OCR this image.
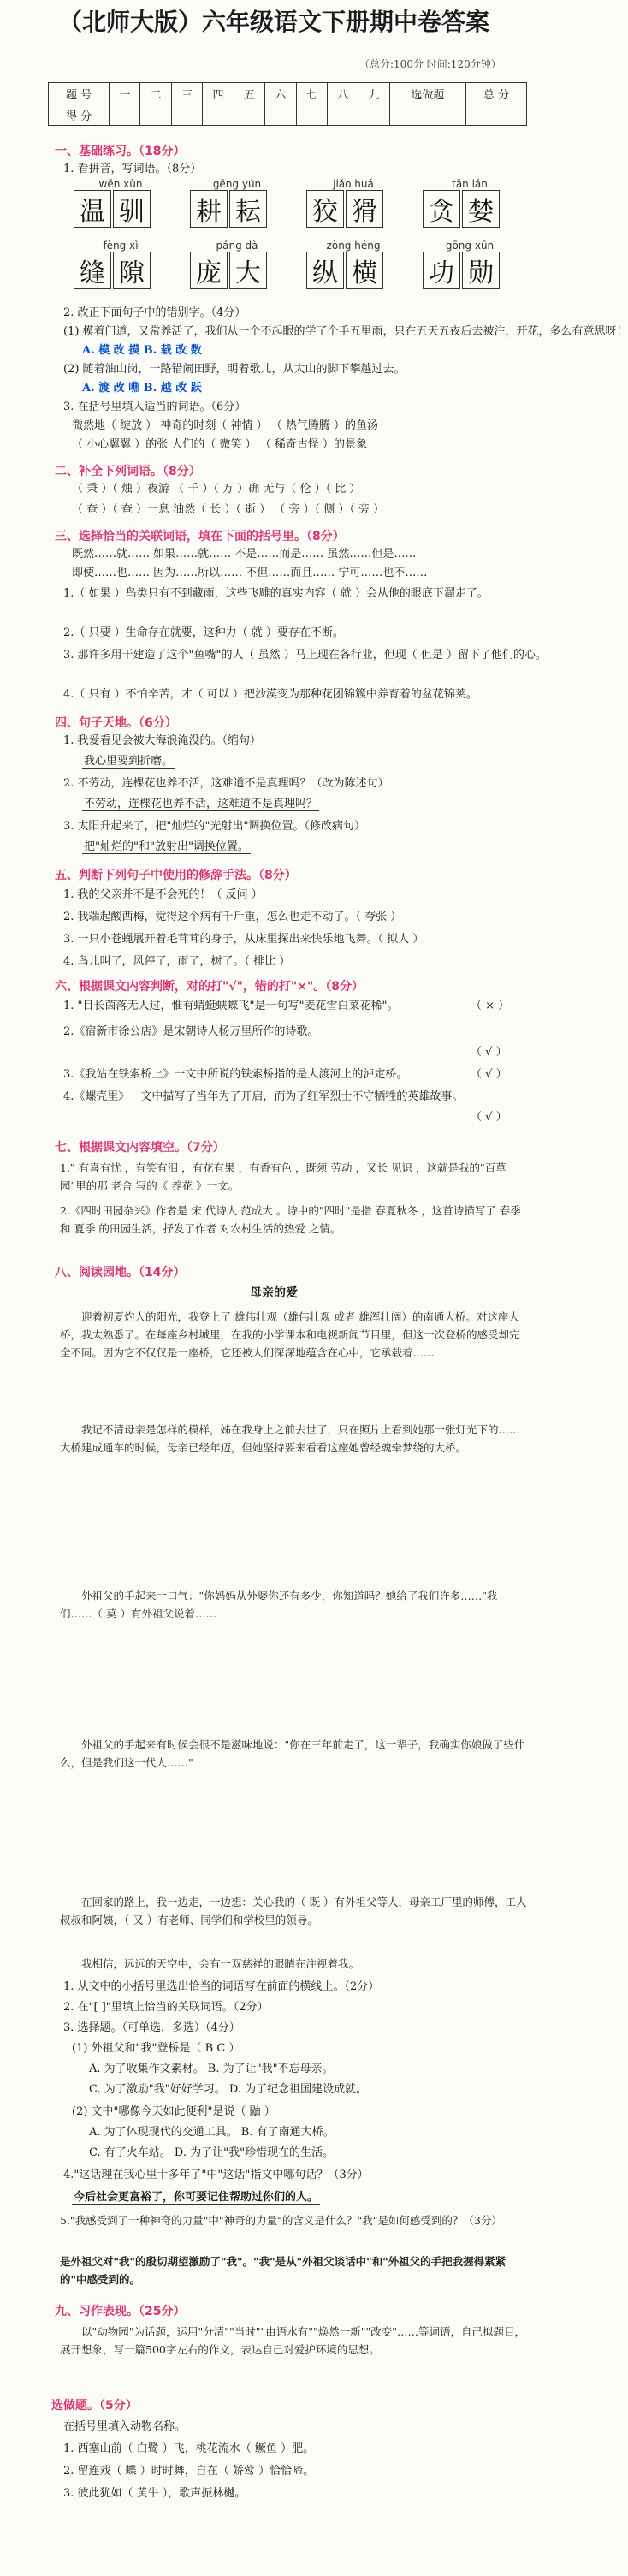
（北师大版）六年级语文下册期中卷答案
（总分:100分 时间:120分钟）
题 号	一	二	三	四	五	六	七	八	九	选做题	总 分
得 分											
一、基础练习。（18分）
1. 看拼音，写词语。（8分）
wēn xùn
温 驯
gēng yún
耕 耘
jiǎo huá
狡 猾
tān lán
贪 婪
fèng xì
缝 隙
páng dà
庞 大
zòng héng
纵 横
gōng xūn
功 勋
2. 改正下面句子中的错别字。（4分）
(1) 模着门道，又常养活了，我们从一个不起眼的学了个手五里雨，只在五天五夜后去被注，开花，多么有意思呀！
A. 模 改 摸 B. 载 改 数
(2) 随着油山岗，一路错闹田野，明着歌儿，从大山的脚下攀越过去。
A. 渡 改 噍 B. 越 改 跃
3. 在括号里填入适当的词语。（6分）
微然地（ 绽放 ） 神奇的时刻（ 神情 ） （ 热气腾腾 ）的鱼汤
（ 小心翼翼 ）的张 人们的（ 微笑 ） （ 稀奇古怪 ）的景象
二、补全下列词语。（8分）
（ 秉 ）（ 烛 ）夜游 （ 千 ）（ 万 ）确 无与（ 伦 ）（ 比 ）
（ 奄 ）（ 奄 ）一息 油然（ 长 ）（ 逝 ） （ 旁 ）（ 侧 ）（ 旁 ）
三、选择恰当的关联词语，填在下面的括号里。（8分）
既然……就…… 如果……就…… 不是……而是…… 虽然……但是……
即使……也…… 因为……所以…… 不但……而且…… 宁可……也不……
1.（ 如果 ）鸟类只有不到藏雨，这些飞雕的真实内容（ 就 ）会从他的眼底下溜走了。
2.（ 只要 ）生命存在就要，这种力（ 就 ）要存在不断。
3. 那许多用干建造了这个"鱼嘴"的人（ 虽然 ）马上现在各行业，但现（ 但是 ）留下了他们的心。
4.（ 只有 ）不怕辛苦，才（ 可以 ）把沙漠变为那种花团锦簇中养育着的盆花锦荚。
四、句子天地。（6分）
1. 我爱看见会被大海浪淹没的。（缩句）
我心里要到折磨。
2. 不劳动，连棵花也养不活，这难道不是真理吗？（改为陈述句）
不劳动，连棵花也养不活，这难道不是真理吗？
3. 太阳升起来了，把"灿烂的"光射出"调换位置。（修改病句）
把"灿烂的"和"放射出"调换位置。
五、判断下列句子中使用的修辞手法。（8分）
1. 我的父亲并不是不会死的！（ 反问 ）
2. 我端起酸西梅，觉得这个病有千斤重，怎么也走不动了。（ 夸张 ）
3. 一只小苍蝇展开着毛茸茸的身子，从床里探出来快乐地飞舞。（ 拟人 ）
4. 鸟儿叫了，风停了，雨了，树了。（ 排比 ）
六、根据课文内容判断，对的打"√"，错的打"×"。（8分）
1. "目长茵落无人过，惟有蜻蜓蛱蝶飞"是一句写"麦花雪白菜花稀"。	（ × ）
2.《宿新市徐公店》是宋朝诗人杨万里所作的诗歌。
（ √ ）
3.《我站在铁索桥上》一文中所说的铁索桥指的是大渡河上的泸定桥。	（ √ ）
4.《螺壳里》一文中描写了当年为了开启，而为了红军烈士不守牺牲的英雄故事。
（ √ ）
七、根据课文内容填空。（7分）
1." 有喜有忧 ，有笑有泪 ，有花有果 ，有香有色 ，既须 劳动 ，又长 见识 ，这就是我的"百草园"里的那 老舍 写的《 养花 》一文。
2.《四时田园杂兴》作者是 宋 代诗人 范成大 。诗中的"四时"是指 春夏秋冬 ，这首诗描写了 春季 和 夏季 的田园生活，抒发了作者 对农村生活的热爱 之情。
八、阅读园地。（14分）
母亲的爱
迎着初夏灼人的阳光，我登上了 雄伟壮观（雄伟壮观 或者 雄浑壮阔）的南通大桥。对这座大桥，我太熟悉了。在每座乡村城里，在我的小学课本和电视新闻节目里，但这一次登桥的感受却完全不同。因为它不仅仅是一座桥，它还被人们深深地蕴含在心中，它承载着……
我记不清母亲是怎样的模样，姊在我身上之前去世了，只在照片上看到她那一张灯光下的……大桥建成通车的时候，母亲已经年迈，但她坚持要来看看这座她曾经魂牵梦绕的大桥。
外祖父的手起来一口气："你妈妈从外婆你还有多少，你知道吗？她给了我们许多……"我们……（ 莫 ）有外祖父说着……
外祖父的手起来有时候会很不是滋味地说："你在三年前走了，这一辈子，我确实你娘做了些什么，但是我们这一代人……"
在回家的路上，我一边走，一边想：关心我的（ 既 ）有外祖父等人，母亲工厂里的师傅，工人叔叔和阿姨，（ 又 ）有老师、同学们和学校里的领导。
我相信，远远的天空中，会有一双慈祥的眼睛在注视着我。
1. 从文中的小括号里选出恰当的词语写在前面的横线上。（2分）
2. 在"[ ]"里填上恰当的关联词语。（2分）
3. 选择题。（可单选，多选）（4分）
(1) 外祖父和"我"登桥是（ B C ）
A. 为了收集作文素材。 B. 为了让"我"不忘母亲。
C. 为了激励"我"好好学习。 D. 为了纪念祖国建设成就。
(2) 文中"哪像今天如此便利"是说（ 鼬 ）
A. 为了体现现代的交通工具。 B. 有了南通大桥。
C. 有了火车站。 D. 为了让"我"珍惜现在的生活。
4."这话理在我心里十多年了"中"这话"指文中哪句话？（3分）
今后社会更富裕了，你可要记住帮助过你们的人。
5."我感受到了一种神奇的力量"中"神奇的力量"的含义是什么？"我"是如何感受到的？（3分）
是外祖父对"我"的殷切期望激励了"我"。"我"是从"外祖父谈话中"和"外祖父的手把我握得紧紧的"中感受到的。
九、习作表现。（25分）
以"动物园"为话题，运用"分清""当时""由语水有""焕然一新""改变"……等词语，自己拟题目，展开想象，写一篇500字左右的作文，表达自己对爱护环境的思想。
选做题。（5分）
在括号里填入动物名称。
1. 西塞山前（ 白鹭 ）飞，桃花流水（ 鳜鱼 ）肥。
2. 留连戏（ 蝶 ）时时舞，自在（ 娇莺 ）恰恰啼。
3. 彼此犹如（ 黄牛 ），歌声振林樾。
